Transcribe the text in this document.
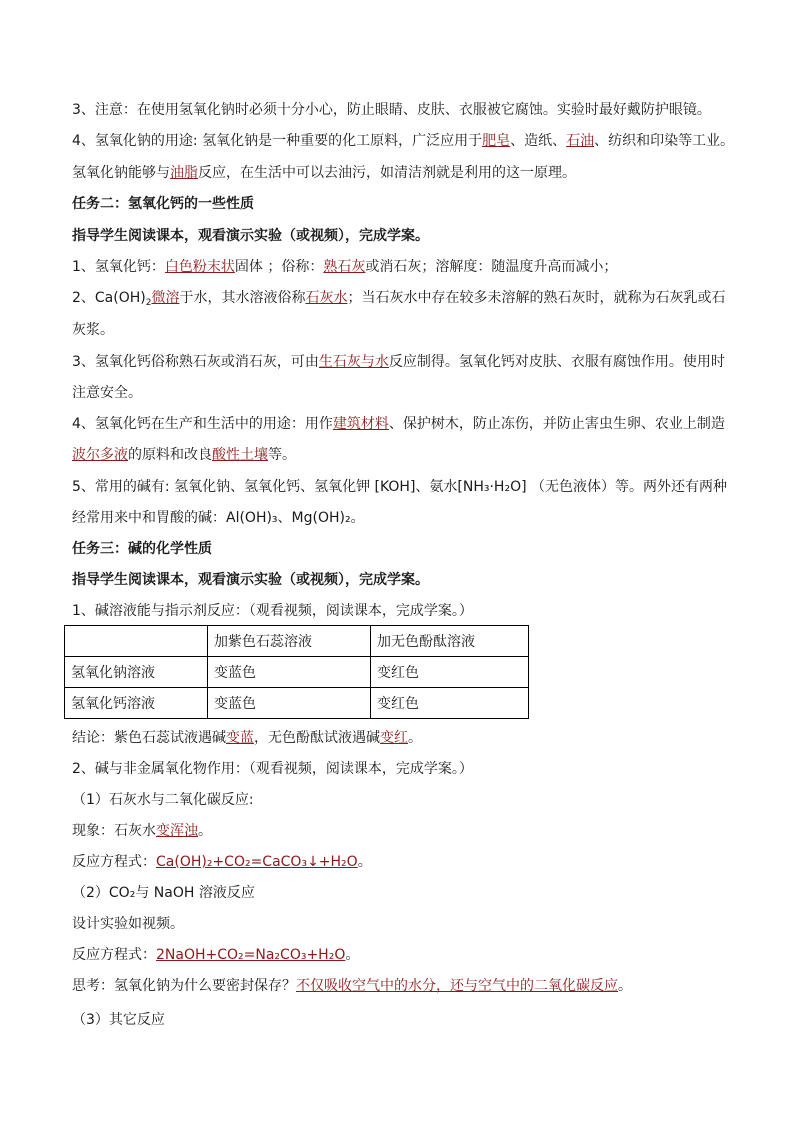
3、注意：在使用氢氧化钠时必须十分小心，防止眼睛、皮肤、衣服被它腐蚀。实验时最好戴防护眼镜。
4、氢氧化钠的用途: 氢氧化钠是一种重要的化工原料，广泛应用于肥皂、造纸、石油、纺织和印染等工业。
氢氧化钠能够与油脂反应，在生活中可以去油污，如清洁剂就是利用的这一原理。
任务二：氢氧化钙的一些性质
指导学生阅读课本，观看演示实验（或视频），完成学案。
1、氢氧化钙：白色粉末状固体 ；俗称：熟石灰或消石灰；溶解度：随温度升高而减小；
2、$Ca(OH)_2$微溶于水，其水溶液俗称石灰水；当石灰水中存在较多未溶解的熟石灰时，就称为石灰乳或石
灰浆。
3、氢氧化钙俗称熟石灰或消石灰，可由生石灰与水反应制得。氢氧化钙对皮肤、衣服有腐蚀作用。使用时
注意安全。
4、氢氧化钙在生产和生活中的用途：用作建筑材料、保护树木，防止冻伤，并防止害虫生卵、农业上制造
波尔多液的原料和改良酸性土壤等。
5、常用的碱有: 氢氧化钠、氢氧化钙、氢氧化钾 [KOH]、氨水[NH₃·H₂O] （无色液体）等。两外还有两种
经常用来中和胃酸的碱：Al(OH)₃、Mg(OH)₂。
任务三：碱的化学性质
指导学生阅读课本，观看演示实验（或视频），完成学案。
1、碱溶液能与指示剂反应：（观看视频，阅读课本，完成学案。）
	加紫色石蕊溶液	加无色酚酞溶液
氢氧化钠溶液	变蓝色	变红色
氢氧化钙溶液	变蓝色	变红色
结论：紫色石蕊试液遇碱变蓝，无色酚酞试液遇碱变红。
2、碱与非金属氧化物作用：（观看视频，阅读课本，完成学案。）
（1）石灰水与二氧化碳反应:
现象：石灰水变浑浊。
反应方程式：Ca(OH)₂+CO₂=CaCO₃↓+H₂O。
（2）CO₂与 NaOH 溶液反应
设计实验如视频。
反应方程式：2NaOH+CO₂=Na₂CO₃+H₂O。
思考：氢氧化钠为什么要密封保存？不仅吸收空气中的水分，还与空气中的二氧化碳反应。
（3）其它反应
